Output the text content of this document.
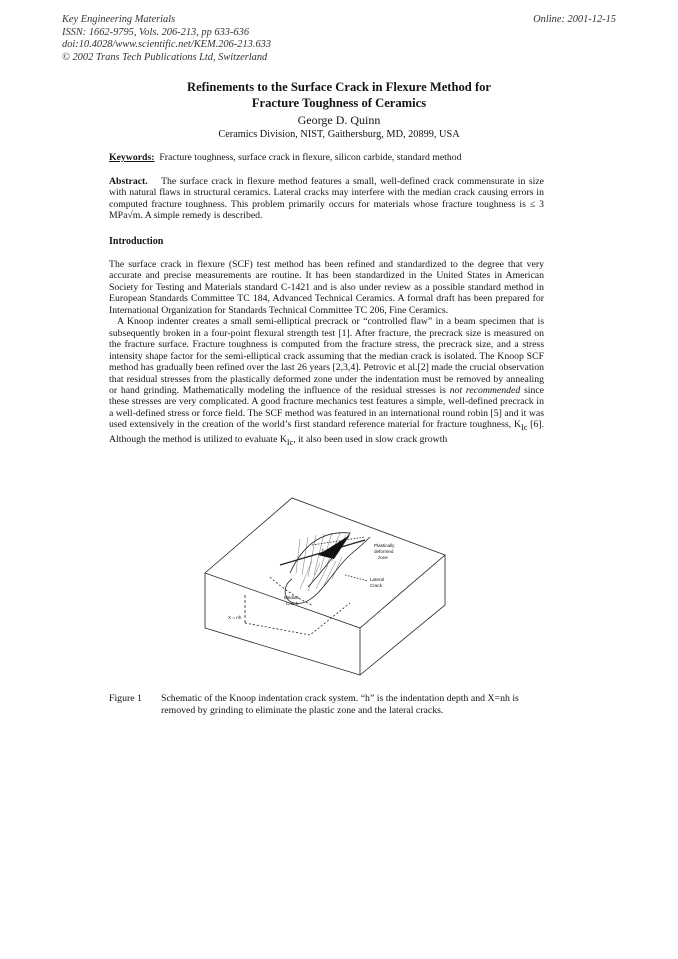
Key Engineering Materials
ISSN: 1662-9795, Vols. 206-213, pp 633-636
doi:10.4028/www.scientific.net/KEM.206-213.633
© 2002 Trans Tech Publications Ltd, Switzerland
Online: 2001-12-15
Refinements to the Surface Crack in Flexure Method for
Fracture Toughness of Ceramics
George D. Quinn
Ceramics Division, NIST, Gaithersburg, MD, 20899, USA
Keywords: Fracture toughness, surface crack in flexure, silicon carbide, standard method
Abstract. The surface crack in flexure method features a small, well-defined crack commensurate in size with natural flaws in structural ceramics. Lateral cracks may interfere with the median crack causing errors in computed fracture toughness. This problem primarily occurs for materials whose fracture toughness is ≤ 3 MPa√m. A simple remedy is described.
Introduction

The surface crack in flexure (SCF) test method has been refined and standardized to the degree that very accurate and precise measurements are routine. It has been standardized in the United States in American Society for Testing and Materials standard C-1421 and is also under review as a possible standard method in European Standards Committee TC 184, Advanced Technical Ceramics. A formal draft has been prepared for International Organization for Standards Technical Committee TC 206, Fine Ceramics.

A Knoop indenter creates a small semi-elliptical precrack or “controlled flaw” in a beam specimen that is subsequently broken in a four-point flexural strength test [1]. After fracture, the precrack size is measured on the fracture surface. Fracture toughness is computed from the fracture stress, the precrack size, and a stress intensity shape factor for the semi-elliptical crack assuming that the median crack is isolated. The Knoop SCF method has gradually been refined over the last 26 years [2,3,4]. Petrovic et al.[2] made the crucial observation that residual stresses from the plastically deformed zone under the indentation must be removed by annealing or hand grinding. Mathematically modeling the influence of the residual stresses is not recommended since these stresses are very complicated. A good fracture mechanics test features a simple, well-defined precrack in a well-defined stress or force field. The SCF method was featured in an international round robin [5] and it was used extensively in the creation of the world’s first standard reference material for fracture toughness, $K_{Ic}$ [6]. Although the method is utilized to evaluate $K_{Ic}$, it also been used in slow crack growth

Plastically
deformed
zone
h
Lateral
Crack
Median
Crack
X = nh
Figure 1	Schematic of the Knoop indentation crack system. “h” is the indentation depth and X=nh is removed by grinding to eliminate the plastic zone and the lateral cracks.
